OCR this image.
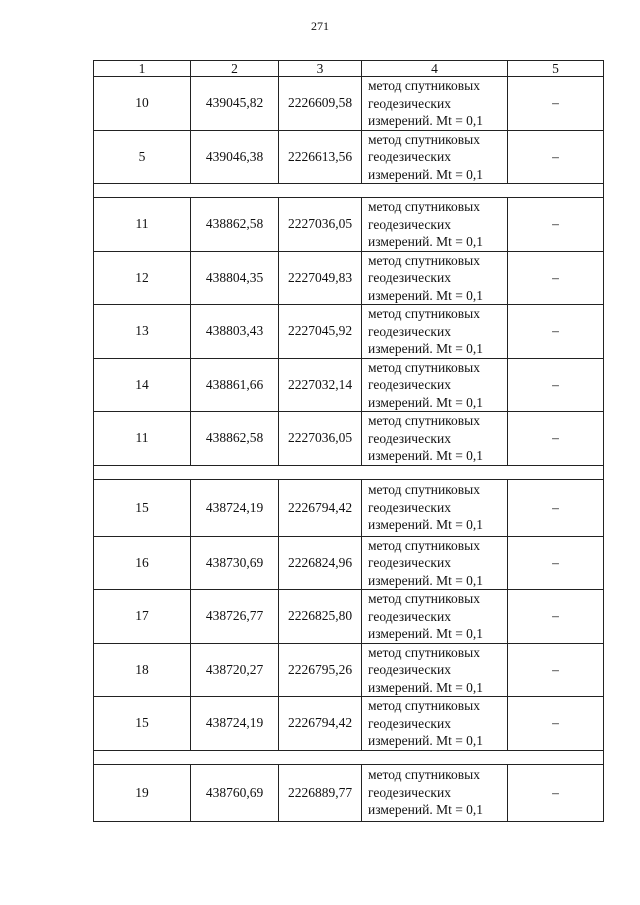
271
1	2	3	4	5
10	439045,82	2226609,58	метод спутниковых
геодезических
измерений. Mt = 0,1	–
5	439046,38	2226613,56	метод спутниковых
геодезических
измерений. Mt = 0,1	–

11	438862,58	2227036,05	метод спутниковых
геодезических
измерений. Mt = 0,1	–
12	438804,35	2227049,83	метод спутниковых
геодезических
измерений. Mt = 0,1	–
13	438803,43	2227045,92	метод спутниковых
геодезических
измерений. Mt = 0,1	–
14	438861,66	2227032,14	метод спутниковых
геодезических
измерений. Mt = 0,1	–
11	438862,58	2227036,05	метод спутниковых
геодезических
измерений. Mt = 0,1	–

15	438724,19	2226794,42	метод спутниковых
геодезических
измерений. Mt = 0,1	–
16	438730,69	2226824,96	метод спутниковых
геодезических
измерений. Mt = 0,1	–
17	438726,77	2226825,80	метод спутниковых
геодезических
измерений. Mt = 0,1	–
18	438720,27	2226795,26	метод спутниковых
геодезических
измерений. Mt = 0,1	–
15	438724,19	2226794,42	метод спутниковых
геодезических
измерений. Mt = 0,1	–

19	438760,69	2226889,77	метод спутниковых
геодезических
измерений. Mt = 0,1	–
